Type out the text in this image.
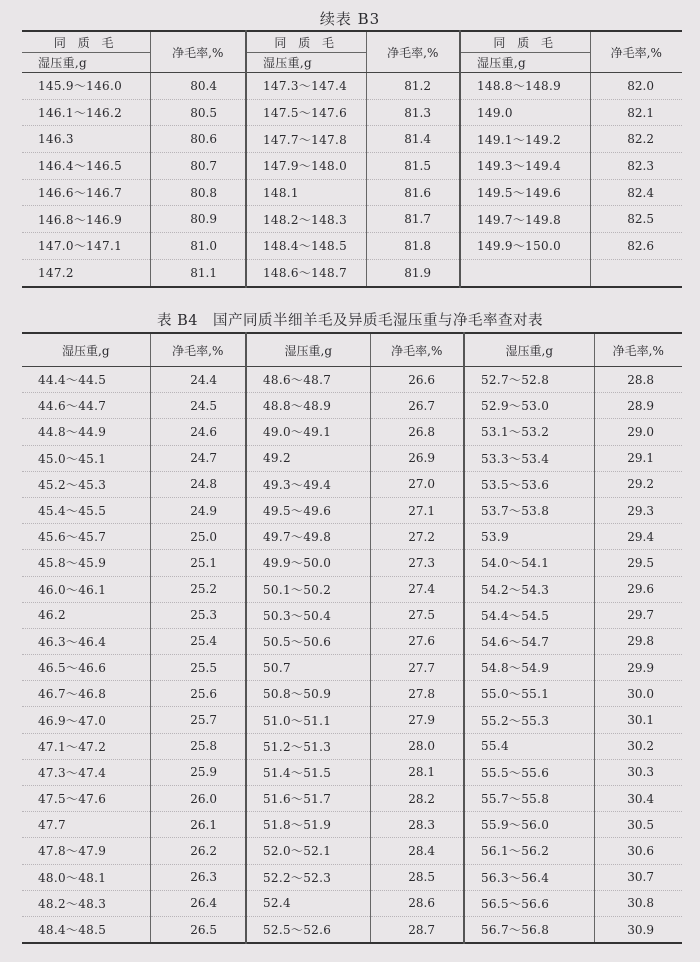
续表 B3
同 质 毛	净毛率,%	同 质 毛	净毛率,%	同 质 毛	净毛率,%
湿压重,g		湿压重,g		湿压重,g	
145.9～146.0	80.4	147.3～147.4	81.2	148.8～148.9	82.0
146.1～146.2	80.5	147.5～147.6	81.3	149.0	82.1
146.3	80.6	147.7～147.8	81.4	149.1～149.2	82.2
146.4～146.5	80.7	147.9～148.0	81.5	149.3～149.4	82.3
146.6～146.7	80.8	148.1	81.6	149.5～149.6	82.4
146.8～146.9	80.9	148.2～148.3	81.7	149.7～149.8	82.5
147.0～147.1	81.0	148.4～148.5	81.8	149.9～150.0	82.6
147.2	81.1	148.6～148.7	81.9		
表 B4　国产同质半细羊毛及异质毛湿压重与净毛率查对表
湿压重,g	净毛率,%	湿压重,g	净毛率,%	湿压重,g	净毛率,%
44.4～44.5	24.4	48.6～48.7	26.6	52.7～52.8	28.8
44.6～44.7	24.5	48.8～48.9	26.7	52.9～53.0	28.9
44.8～44.9	24.6	49.0～49.1	26.8	53.1～53.2	29.0
45.0～45.1	24.7	49.2	26.9	53.3～53.4	29.1
45.2～45.3	24.8	49.3～49.4	27.0	53.5～53.6	29.2
45.4～45.5	24.9	49.5～49.6	27.1	53.7～53.8	29.3
45.6～45.7	25.0	49.7～49.8	27.2	53.9	29.4
45.8～45.9	25.1	49.9～50.0	27.3	54.0～54.1	29.5
46.0～46.1	25.2	50.1～50.2	27.4	54.2～54.3	29.6
46.2	25.3	50.3～50.4	27.5	54.4～54.5	29.7
46.3～46.4	25.4	50.5～50.6	27.6	54.6～54.7	29.8
46.5～46.6	25.5	50.7	27.7	54.8～54.9	29.9
46.7～46.8	25.6	50.8～50.9	27.8	55.0～55.1	30.0
46.9～47.0	25.7	51.0～51.1	27.9	55.2～55.3	30.1
47.1～47.2	25.8	51.2～51.3	28.0	55.4	30.2
47.3～47.4	25.9	51.4～51.5	28.1	55.5～55.6	30.3
47.5～47.6	26.0	51.6～51.7	28.2	55.7～55.8	30.4
47.7	26.1	51.8～51.9	28.3	55.9～56.0	30.5
47.8～47.9	26.2	52.0～52.1	28.4	56.1～56.2	30.6
48.0～48.1	26.3	52.2～52.3	28.5	56.3～56.4	30.7
48.2～48.3	26.4	52.4	28.6	56.5～56.6	30.8
48.4～48.5	26.5	52.5～52.6	28.7	56.7～56.8	30.9
